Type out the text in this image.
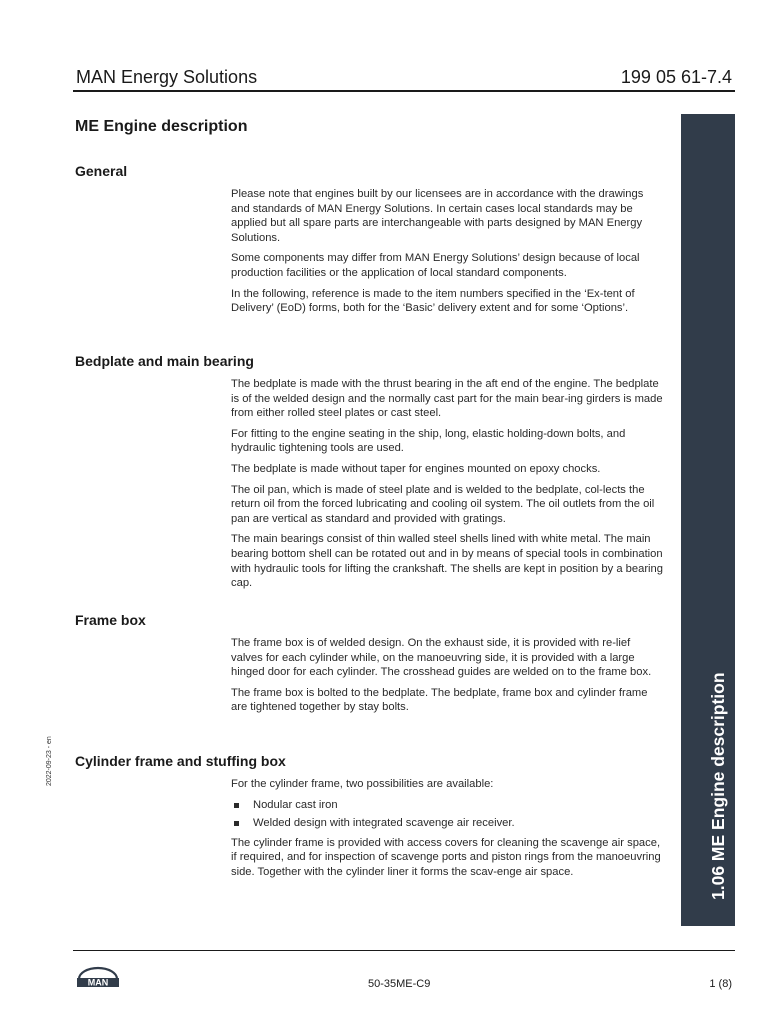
MAN Energy Solutions	199 05 61-7.4
1.06 ME Engine description
2022-09-23 - en
ME Engine description
General

Please note that engines built by our licensees are in accordance with the drawings and standards of MAN Energy Solutions. In certain cases local standards may be applied but all spare parts are interchangeable with parts designed by MAN Energy Solutions.

Some components may differ from MAN Energy Solutions’ design because of local production facilities or the application of local standard components.

In the following, reference is made to the item numbers specified in the ‘Ex-tent of Delivery’ (EoD) forms, both for the ‘Basic’ delivery extent and for some ‘Options’.

Bedplate and main bearing

The bedplate is made with the thrust bearing in the aft end of the engine. The bedplate is of the welded design and the normally cast part for the main bear-ing girders is made from either rolled steel plates or cast steel.

For fitting to the engine seating in the ship, long, elastic holding-down bolts, and hydraulic tightening tools are used.

The bedplate is made without taper for engines mounted on epoxy chocks.

The oil pan, which is made of steel plate and is welded to the bedplate, col-lects the return oil from the forced lubricating and cooling oil system. The oil outlets from the oil pan are vertical as standard and provided with gratings.

The main bearings consist of thin walled steel shells lined with white metal. The main bearing bottom shell can be rotated out and in by means of special tools in combination with hydraulic tools for lifting the crankshaft. The shells are kept in position by a bearing cap.

Frame box

The frame box is of welded design. On the exhaust side, it is provided with re-lief valves for each cylinder while, on the manoeuvring side, it is provided with a large hinged door for each cylinder. The crosshead guides are welded on to the frame box.

The frame box is bolted to the bedplate. The bedplate, frame box and cylinder frame are tightened together by stay bolts.

Cylinder frame and stuffing box

For the cylinder frame, two possibilities are available:

Nodular cast iron
Welded design with integrated scavenge air receiver.

The cylinder frame is provided with access covers for cleaning the scavenge air space, if required, and for inspection of scavenge ports and piston rings from the manoeuvring side. Together with the cylinder liner it forms the scav-enge air space.

MAN	50-35ME-C9	1 (8)
